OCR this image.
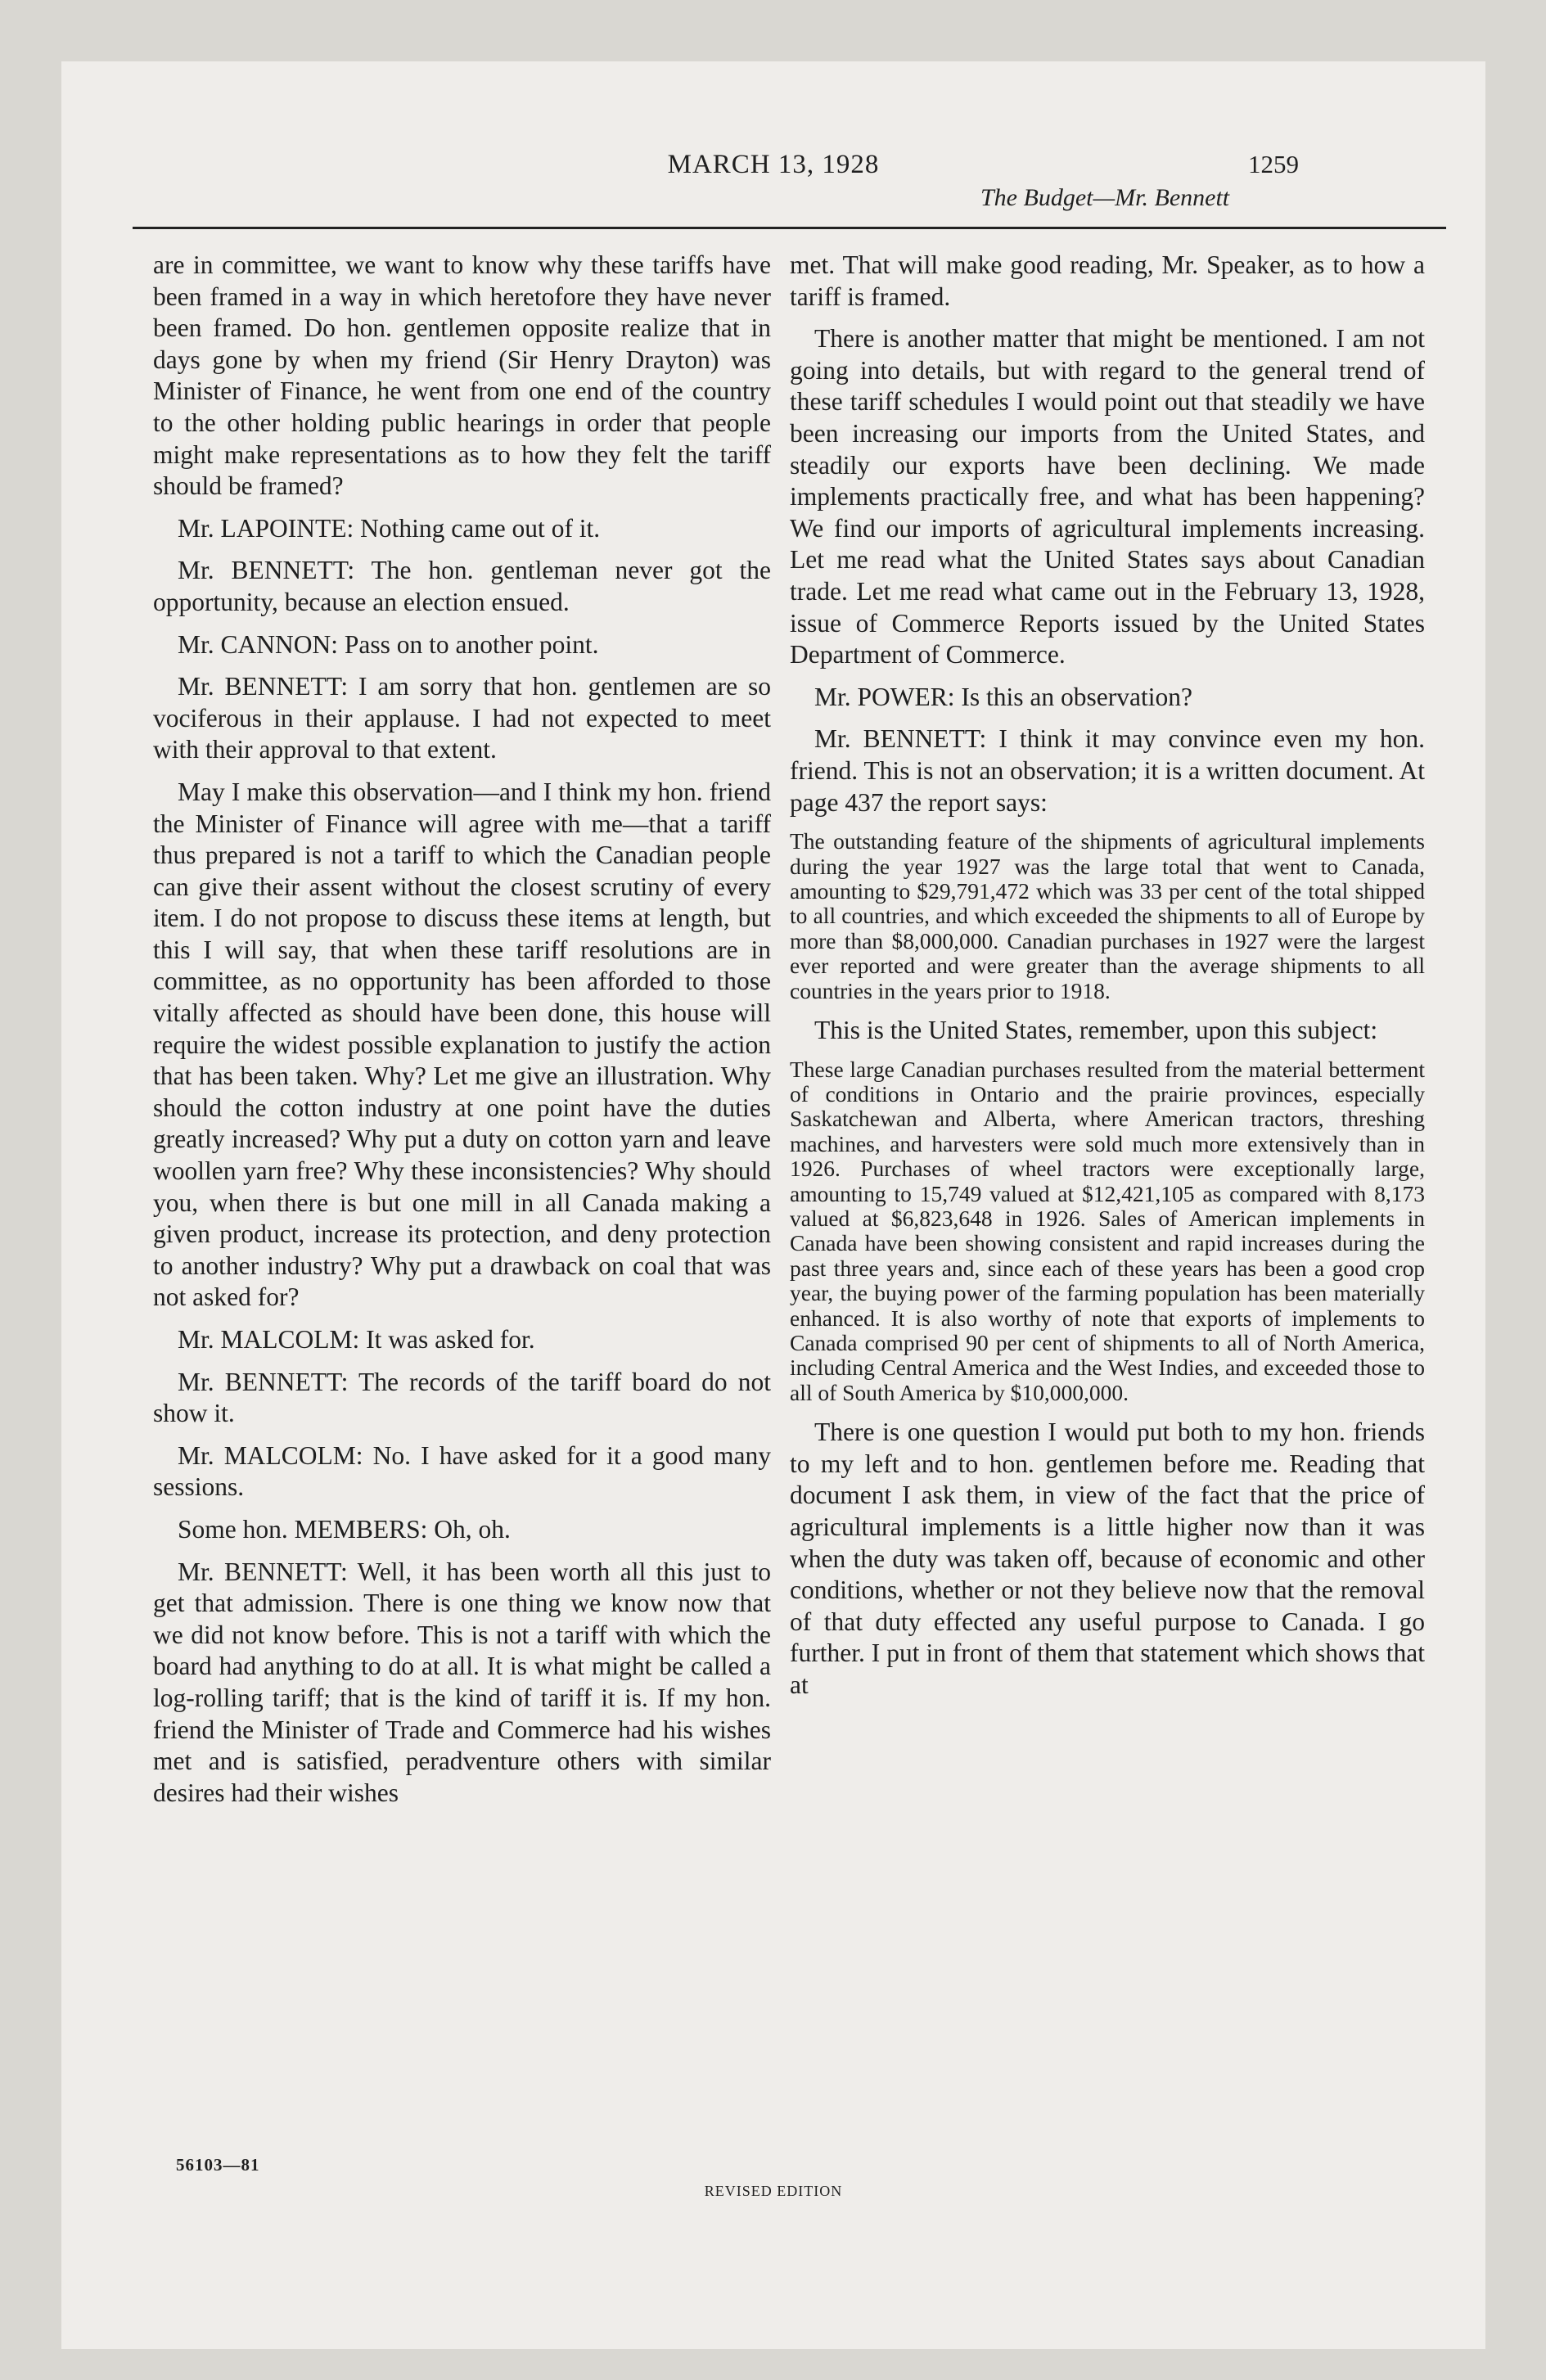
MARCH 13, 1928	1259
The Budget—Mr. Bennett

are in committee, we want to know why these tariffs have been framed in a way in which heretofore they have never been framed. Do hon. gentlemen opposite realize that in days gone by when my friend (Sir Henry Drayton) was Minister of Finance, he went from one end of the country to the other holding public hearings in order that people might make representations as to how they felt the tariff should be framed?

Mr. LAPOINTE: Nothing came out of it.

Mr. BENNETT: The hon. gentleman never got the opportunity, because an election ensued.

Mr. CANNON: Pass on to another point.

Mr. BENNETT: I am sorry that hon. gentlemen are so vociferous in their applause. I had not expected to meet with their approval to that extent.

May I make this observation—and I think my hon. friend the Minister of Finance will agree with me—that a tariff thus prepared is not a tariff to which the Canadian people can give their assent without the closest scrutiny of every item. I do not propose to discuss these items at length, but this I will say, that when these tariff resolutions are in committee, as no opportunity has been afforded to those vitally affected as should have been done, this house will require the widest possible explanation to justify the action that has been taken. Why? Let me give an illustration. Why should the cotton industry at one point have the duties greatly increased? Why put a duty on cotton yarn and leave woollen yarn free? Why these inconsistencies? Why should you, when there is but one mill in all Canada making a given product, increase its protection, and deny protection to another industry? Why put a drawback on coal that was not asked for?

Mr. MALCOLM: It was asked for.

Mr. BENNETT: The records of the tariff board do not show it.

Mr. MALCOLM: No. I have asked for it a good many sessions.

Some hon. MEMBERS: Oh, oh.

Mr. BENNETT: Well, it has been worth all this just to get that admission. There is one thing we know now that we did not know before. This is not a tariff with which the board had anything to do at all. It is what might be called a log-rolling tariff; that is the kind of tariff it is. If my hon. friend the Minister of Trade and Commerce had his wishes met and is satisfied, peradventure others with similar desires had their wishes

met. That will make good reading, Mr. Speaker, as to how a tariff is framed.

There is another matter that might be mentioned. I am not going into details, but with regard to the general trend of these tariff schedules I would point out that steadily we have been increasing our imports from the United States, and steadily our exports have been declining. We made implements practically free, and what has been happening? We find our imports of agricultural implements increasing. Let me read what the United States says about Canadian trade. Let me read what came out in the February 13, 1928, issue of Commerce Reports issued by the United States Department of Commerce.

Mr. POWER: Is this an observation?

Mr. BENNETT: I think it may convince even my hon. friend. This is not an observation; it is a written document. At page 437 the report says:

The outstanding feature of the shipments of agricultural implements during the year 1927 was the large total that went to Canada, amounting to $29,791,472 which was 33 per cent of the total shipped to all countries, and which exceeded the shipments to all of Europe by more than $8,000,000. Canadian purchases in 1927 were the largest ever reported and were greater than the average shipments to all countries in the years prior to 1918.

This is the United States, remember, upon this subject:

These large Canadian purchases resulted from the material betterment of conditions in Ontario and the prairie provinces, especially Saskatchewan and Alberta, where American tractors, threshing machines, and harvesters were sold much more extensively than in 1926. Purchases of wheel tractors were exceptionally large, amounting to 15,749 valued at $12,421,105 as compared with 8,173 valued at $6,823,648 in 1926. Sales of American implements in Canada have been showing consistent and rapid increases during the past three years and, since each of these years has been a good crop year, the buying power of the farming population has been materially enhanced. It is also worthy of note that exports of implements to Canada comprised 90 per cent of shipments to all of North America, including Central America and the West Indies, and exceeded those to all of South America by $10,000,000.

There is one question I would put both to my hon. friends to my left and to hon. gentlemen before me. Reading that document I ask them, in view of the fact that the price of agricultural implements is a little higher now than it was when the duty was taken off, because of economic and other conditions, whether or not they believe now that the removal of that duty effected any useful purpose to Canada. I go further. I put in front of them that statement which shows that at

56103—81
REVISED EDITION
